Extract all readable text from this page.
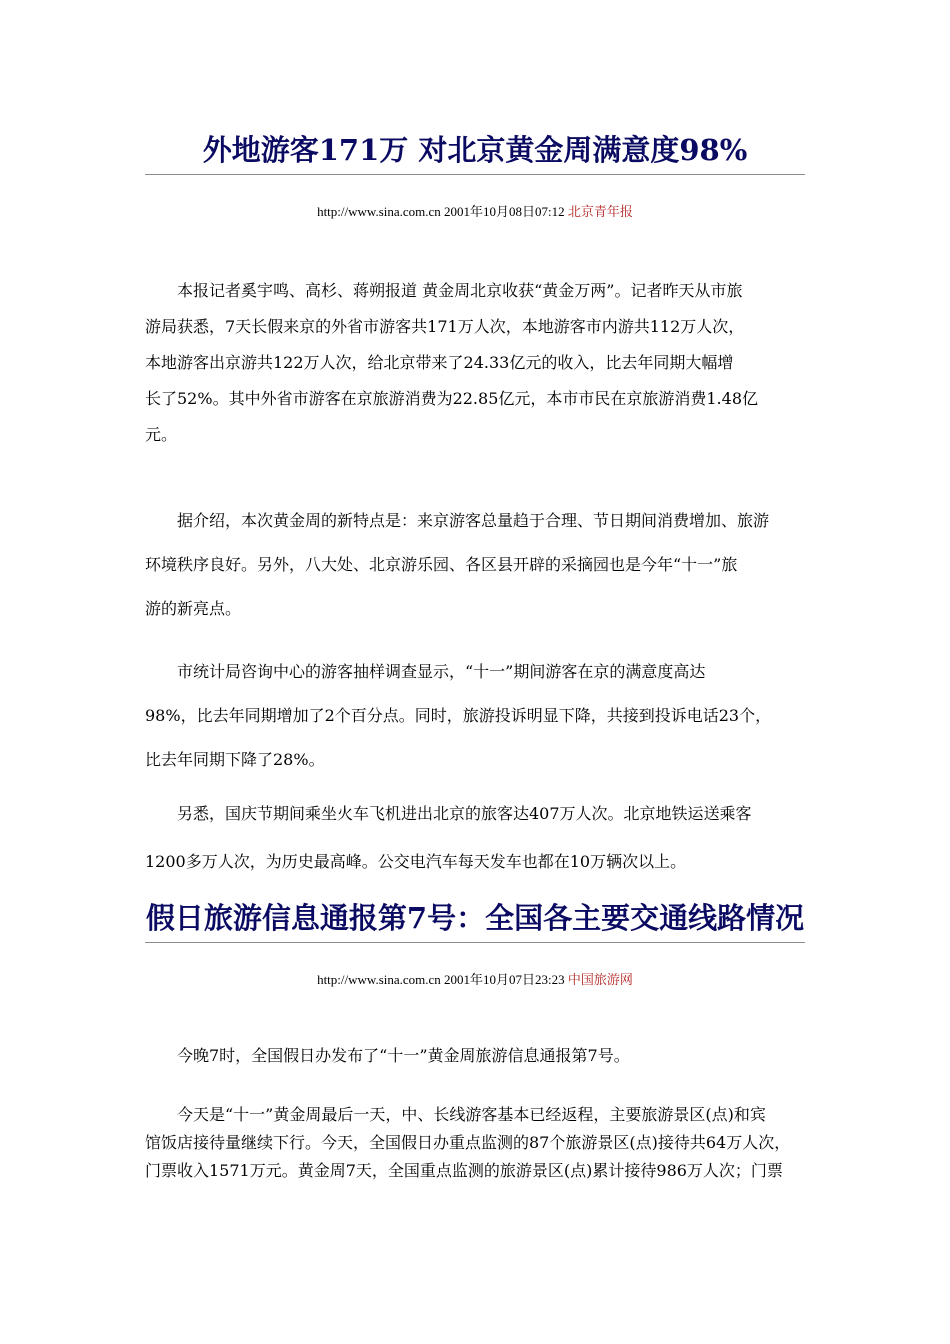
外地游客171万 对北京黄金周满意度98%
http://www.sina.com.cn 2001年10月08日07:12 北京青年报
　　本报记者奚宇鸣、高杉、蒋朔报道 黄金周北京收获“黄金万两”。记者昨天从市旅
游局获悉，7天长假来京的外省市游客共171万人次，本地游客市内游共112万人次，
本地游客出京游共122万人次，给北京带来了24.33亿元的收入，比去年同期大幅增
长了52%。其中外省市游客在京旅游消费为22.85亿元，本市市民在京旅游消费1.48亿
元。
　　据介绍，本次黄金周的新特点是：来京游客总量趋于合理、节日期间消费增加、旅游
环境秩序良好。另外，八大处、北京游乐园、各区县开辟的采摘园也是今年“十一”旅
游的新亮点。
　　市统计局咨询中心的游客抽样调查显示，“十一”期间游客在京的满意度高达
98%，比去年同期增加了2个百分点。同时，旅游投诉明显下降，共接到投诉电话23个，
比去年同期下降了28%。
　　另悉，国庆节期间乘坐火车飞机进出北京的旅客达407万人次。北京地铁运送乘客
1200多万人次，为历史最高峰。公交电汽车每天发车也都在10万辆次以上。
假日旅游信息通报第7号：全国各主要交通线路情况
http://www.sina.com.cn 2001年10月07日23:23 中国旅游网
　　今晚7时，全国假日办发布了“十一”黄金周旅游信息通报第7号。
　　今天是“十一”黄金周最后一天，中、长线游客基本已经返程，主要旅游景区(点)和宾
馆饭店接待量继续下行。今天，全国假日办重点监测的87个旅游景区(点)接待共64万人次，
门票收入1571万元。黄金周7天，全国重点监测的旅游景区(点)累计接待986万人次；门票
